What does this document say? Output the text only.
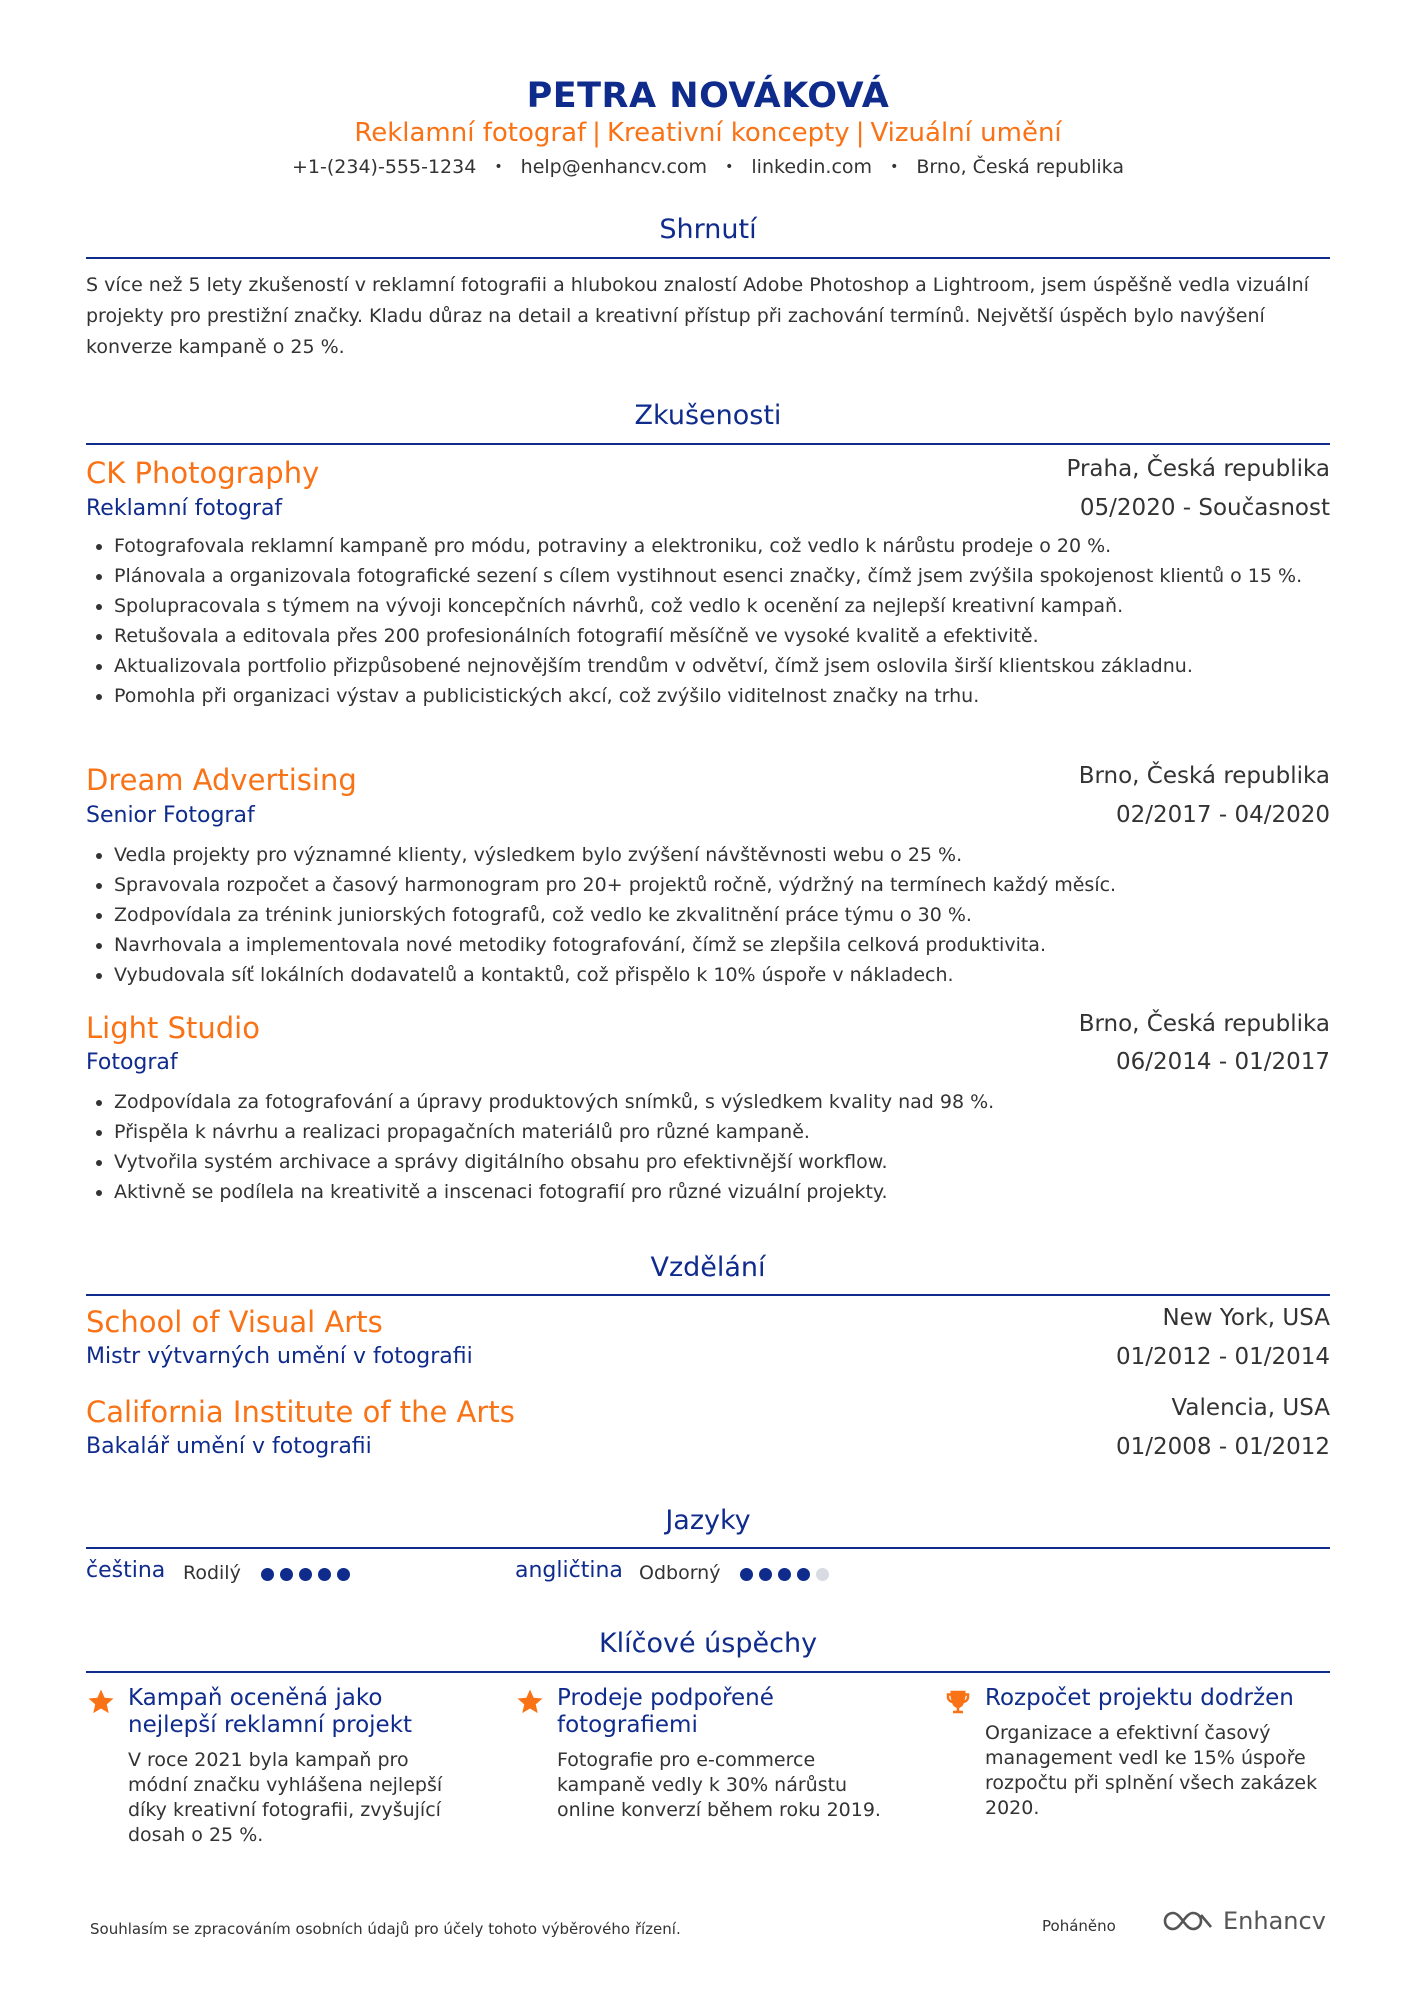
PETRA NOVÁKOVÁ
Reklamní fotograf | Kreativní koncepty | Vizuální umění
+1-(234)-555-1234 • help@enhancv.com • linkedin.com • Brno, Česká republika
Shrnutí
S více než 5 lety zkušeností v reklamní fotografii a hlubokou znalostí Adobe Photoshop a Lightroom, jsem úspěšně vedla vizuální projekty pro prestižní značky. Kladu důraz na detail a kreativní přístup při zachování termínů. Největší úspěch bylo navýšení konverze kampaně o 25 %.
Zkušenosti
CK Photography	Praha, Česká republika
Reklamní fotograf	05/2020 - Současnost
Fotografovala reklamní kampaně pro módu, potraviny a elektroniku, což vedlo k nárůstu prodeje o 20 %.
Plánovala a organizovala fotografické sezení s cílem vystihnout esenci značky, čímž jsem zvýšila spokojenost klientů o 15 %.
Spolupracovala s týmem na vývoji koncepčních návrhů, což vedlo k ocenění za nejlepší kreativní kampaň.
Retušovala a editovala přes 200 profesionálních fotografií měsíčně ve vysoké kvalitě a efektivitě.
Aktualizovala portfolio přizpůsobené nejnovějším trendům v odvětví, čímž jsem oslovila širší klientskou základnu.
Pomohla při organizaci výstav a publicistických akcí, což zvýšilo viditelnost značky na trhu.
Dream Advertising	Brno, Česká republika
Senior Fotograf	02/2017 - 04/2020
Vedla projekty pro významné klienty, výsledkem bylo zvýšení návštěvnosti webu o 25 %.
Spravovala rozpočet a časový harmonogram pro 20+ projektů ročně, výdržný na termínech každý měsíc.
Zodpovídala za trénink juniorských fotografů, což vedlo ke zkvalitnění práce týmu o 30 %.
Navrhovala a implementovala nové metodiky fotografování, čímž se zlepšila celková produktivita.
Vybudovala síť lokálních dodavatelů a kontaktů, což přispělo k 10% úspoře v nákladech.
Light Studio	Brno, Česká republika
Fotograf	06/2014 - 01/2017
Zodpovídala za fotografování a úpravy produktových snímků, s výsledkem kvality nad 98 %.
Přispěla k návrhu a realizaci propagačních materiálů pro různé kampaně.
Vytvořila systém archivace a správy digitálního obsahu pro efektivnější workflow.
Aktivně se podílela na kreativitě a inscenaci fotografií pro různé vizuální projekty.
Vzdělání
School of Visual Arts	New York, USA
Mistr výtvarných umění v fotografii	01/2012 - 01/2014
California Institute of the Arts	Valencia, USA
Bakalář umění v fotografii	01/2008 - 01/2012
Jazyky
čeština Rodilý	angličtina Odborný
Klíčové úspěchy
Kampaň oceněná jako nejlepší reklamní projekt
V roce 2021 byla kampaň pro módní značku vyhlášena nejlepší díky kreativní fotografii, zvyšující dosah o 25 %.
Prodeje podpořené fotografiemi
Fotografie pro e-commerce kampaně vedly k 30% nárůstu online konverzí během roku 2019.
Rozpočet projektu dodržen
Organizace a efektivní časový management vedl ke 15% úspoře rozpočtu při splnění všech zakázek 2020.
Souhlasím se zpracováním osobních údajů pro účely tohoto výběrového řízení.	Poháněno	Enhancv
